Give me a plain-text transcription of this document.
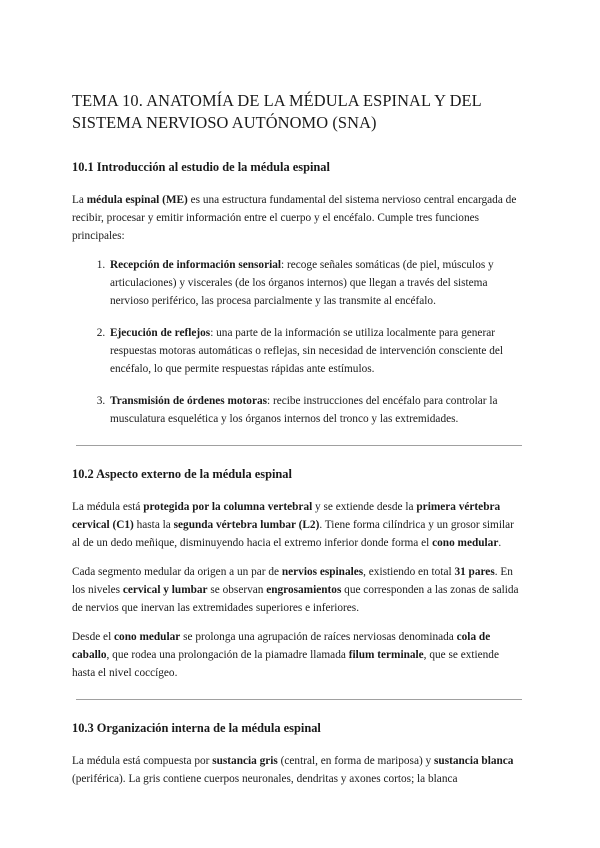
TEMA 10. ANATOMÍA DE LA MÉDULA ESPINAL Y DEL
SISTEMA NERVIOSO AUTÓNOMO (SNA)
10.1 Introducción al estudio de la médula espinal

La médula espinal (ME) es una estructura fundamental del sistema nervioso central encargada de recibir, procesar y emitir información entre el cuerpo y el encéfalo. Cumple tres funciones principales:

1. Recepción de información sensorial: recoge señales somáticas (de piel, músculos y articulaciones) y viscerales (de los órganos internos) que llegan a través del sistema nervioso periférico, las procesa parcialmente y las transmite al encéfalo.
2. Ejecución de reflejos: una parte de la información se utiliza localmente para generar respuestas motoras automáticas o reflejas, sin necesidad de intervención consciente del encéfalo, lo que permite respuestas rápidas ante estímulos.
3. Transmisión de órdenes motoras: recibe instrucciones del encéfalo para controlar la musculatura esquelética y los órganos internos del tronco y las extremidades.
10.2 Aspecto externo de la médula espinal

La médula está protegida por la columna vertebral y se extiende desde la primera vértebra cervical (C1) hasta la segunda vértebra lumbar (L2). Tiene forma cilíndrica y un grosor similar al de un dedo meñique, disminuyendo hacia el extremo inferior donde forma el cono medular.

Cada segmento medular da origen a un par de nervios espinales, existiendo en total 31 pares. En los niveles cervical y lumbar se observan engrosamientos que corresponden a las zonas de salida de nervios que inervan las extremidades superiores e inferiores.

Desde el cono medular se prolonga una agrupación de raíces nerviosas denominada cola de caballo, que rodea una prolongación de la piamadre llamada filum terminale, que se extiende hasta el nivel coccígeo.

10.3 Organización interna de la médula espinal

La médula está compuesta por sustancia gris (central, en forma de mariposa) y sustancia blanca (periférica). La gris contiene cuerpos neuronales, dendritas y axones cortos; la blanca
